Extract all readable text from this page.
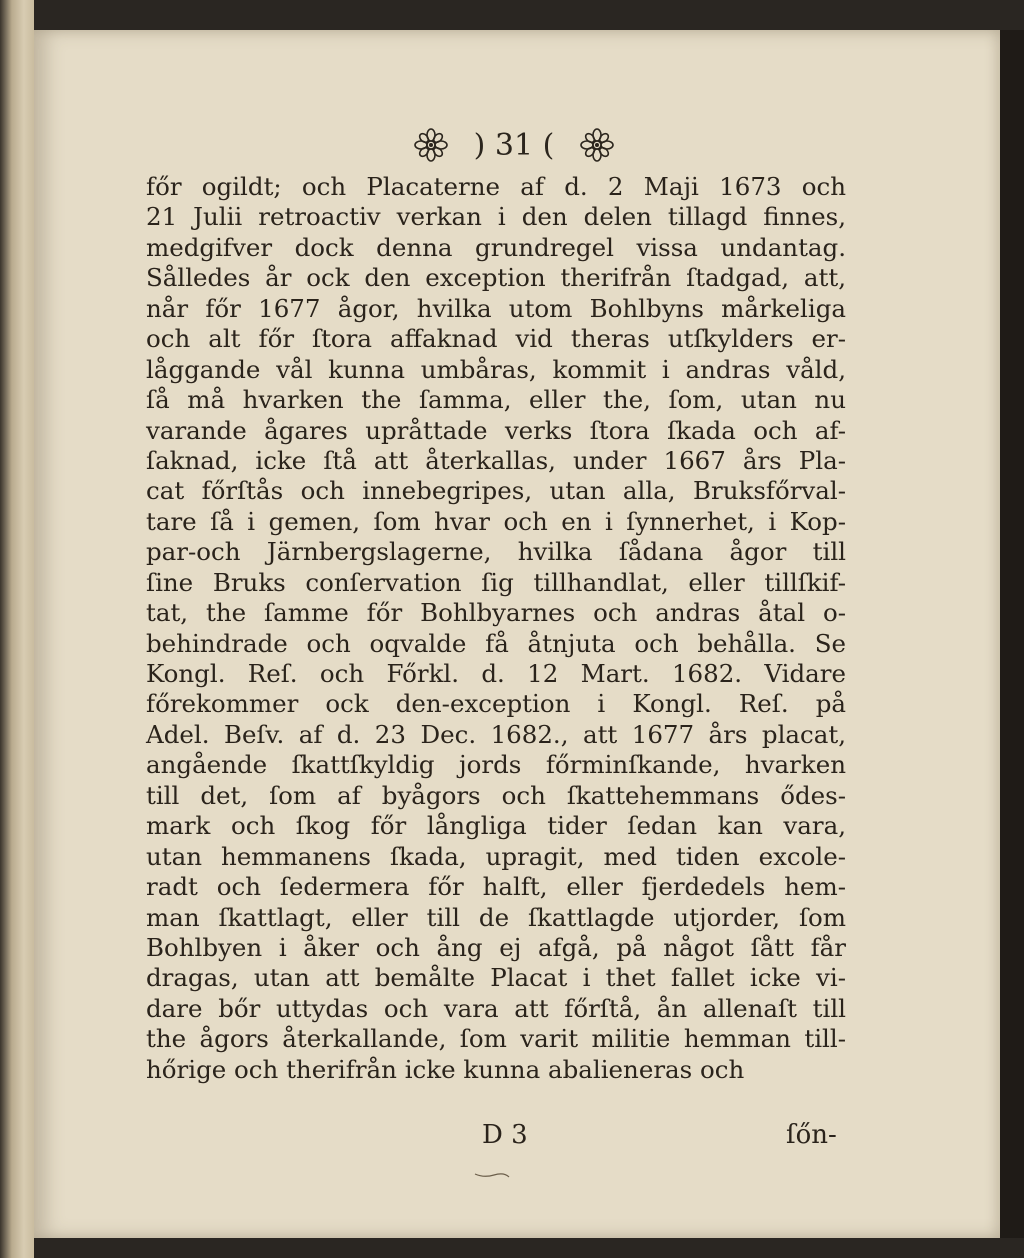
) 31 (
főr ogildt; och Placaterne af d. 2 Maji 1673 och
21 Julii retroactiv verkan i den delen tillagd finnes,
medgifver dock denna grundregel vissa undantag.
Sålledes år ock den exception therifrån ſtadgad, att,
når főr 1677 ågor, hvilka utom Bohlbyns mårkeliga
och alt főr ſtora affaknad vid theras utſkylders er-
låggande vål kunna umbåras, kommit i andras våld,
ſå må hvarken the ſamma, eller the, ſom, utan nu
varande ågares upråttade verks ſtora ſkada och af-
ſaknad, icke ſtå att återkallas, under 1667 års Pla-
cat főrſtås och innebegripes, utan alla, Bruksfőrval-
tare ſå i gemen, ſom hvar och en i ſynnerhet, i Kop-
par-och Järnbergslagerne, hvilka ſådana ågor till
ſine Bruks conſervation ſig tillhandlat, eller tillſkif-
tat, the ſamme főr Bohlbyarnes och andras åtal o-
behindrade och oqvalde få åtnjuta och behålla. Se
Kongl. Reſ. och Főrkl. d. 12 Mart. 1682. Vidare
főrekommer ock den-exception i Kongl. Reſ. på
Adel. Beſv. af d. 23 Dec. 1682., att 1677 års placat,
angående ſkattſkyldig jords főrminſkande, hvarken
till det, ſom af byågors och ſkattehemmans ődes-
mark och ſkog főr långliga tider ſedan kan vara,
utan hemmanens ſkada, upragit, med tiden excole-
radt och ſedermera főr halft, eller fjerdedels hem-
man ſkattlagt, eller till de ſkattlagde utjorder, ſom
Bohlbyen i åker och ång ej afgå, på något ſått får
dragas, utan att bemålte Placat i thet fallet icke vi-
dare bőr uttydas och vara att főrſtå, ån allenaſt till
the ågors återkallande, ſom varit militie hemman till-
hőrige och therifrån icke kunna abalieneras och
D 3	ſőn-
